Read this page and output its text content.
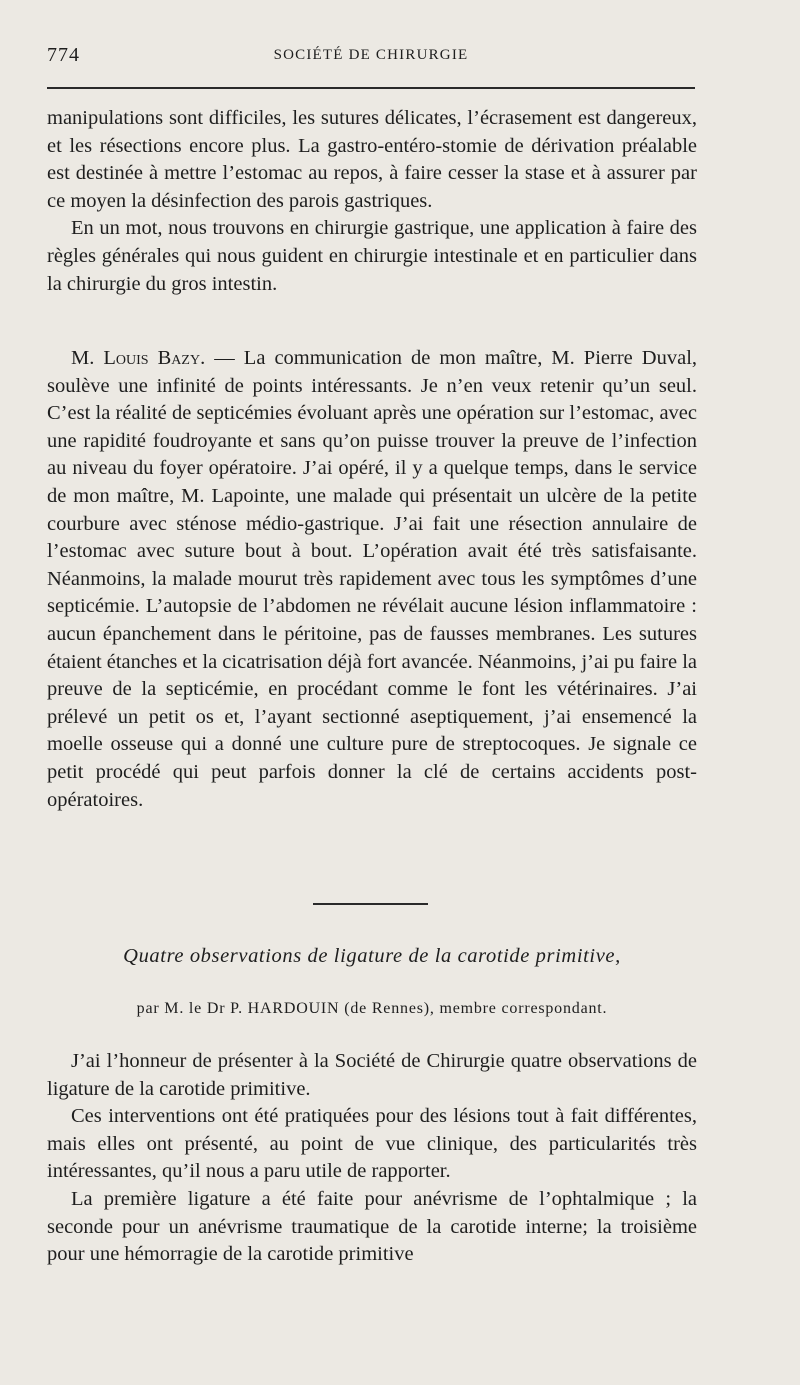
774	SOCIÉTÉ DE CHIRURGIE

manipulations sont difficiles, les sutures délicates, l’écrasement est dangereux, et les résections encore plus. La gastro-entéro-stomie de dérivation préalable est destinée à mettre l’estomac au repos, à faire cesser la stase et à assurer par ce moyen la désinfection des parois gastriques.

En un mot, nous trouvons en chirurgie gastrique, une application à faire des règles générales qui nous guident en chirurgie intestinale et en particulier dans la chirurgie du gros intestin.

M. Louis Bazy. — La communication de mon maître, M. Pierre Duval, soulève une infinité de points intéressants. Je n’en veux retenir qu’un seul. C’est la réalité de septicémies évoluant après une opération sur l’estomac, avec une rapidité foudroyante et sans qu’on puisse trouver la preuve de l’infection au niveau du foyer opératoire. J’ai opéré, il y a quelque temps, dans le service de mon maître, M. Lapointe, une malade qui présentait un ulcère de la petite courbure avec sténose médio-gastrique. J’ai fait une résection annulaire de l’estomac avec suture bout à bout. L’opération avait été très satisfaisante. Néanmoins, la malade mourut très rapidement avec tous les symptômes d’une septicémie. L’autopsie de l’abdomen ne révélait aucune lésion inflammatoire : aucun épanchement dans le péritoine, pas de fausses membranes. Les sutures étaient étanches et la cicatrisation déjà fort avancée. Néanmoins, j’ai pu faire la preuve de la septicémie, en procédant comme le font les vétérinaires. J’ai prélevé un petit os et, l’ayant sectionné aseptiquement, j’ai ensemencé la moelle osseuse qui a donné une culture pure de streptocoques. Je signale ce petit procédé qui peut parfois donner la clé de certains accidents post-opératoires.

Quatre observations de ligature de la carotide primitive,
par M. le Dr P. HARDOUIN (de Rennes), membre correspondant.

J’ai l’honneur de présenter à la Société de Chirurgie quatre observations de ligature de la carotide primitive.

Ces interventions ont été pratiquées pour des lésions tout à fait différentes, mais elles ont présenté, au point de vue clinique, des particularités très intéressantes, qu’il nous a paru utile de rapporter.

La première ligature a été faite pour anévrisme de l’ophtalmique ; la seconde pour un anévrisme traumatique de la carotide interne; la troisième pour une hémorragie de la carotide primitive
